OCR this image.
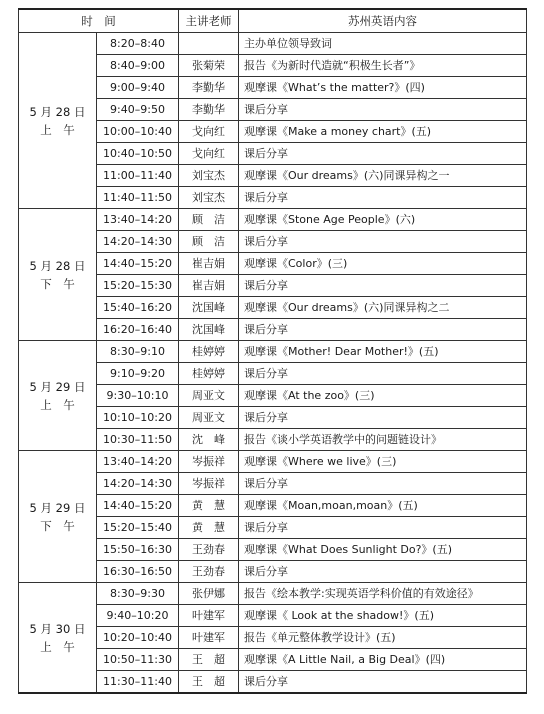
时　间		主讲老师	苏州英语内容

5 月 28 日
上　午	8:20–8:40		主办单位领导致词
	8:40–9:00	张菊荣	报告《为新时代造就“积极生长者”》
	9:00–9:40	李勤华	观摩课《What’s the matter?》(四)
	9:40–9:50	李勤华	课后分享
	10:00–10:40	戈向红	观摩课《Make a money chart》(五)
	10:40–10:50	戈向红	课后分享
	11:00–11:40	刘宝杰	观摩课《Our dreams》(六)同课异构之一
	11:40–11:50	刘宝杰	课后分享

5 月 28 日
下　午	13:40–14:20	顾　洁	观摩课《Stone Age People》(六)
	14:20–14:30	顾　洁	课后分享
	14:40–15:20	崔吉娟	观摩课《Color》(三)
	15:20–15:30	崔吉娟	课后分享
	15:40–16:20	沈国峰	观摩课《Our dreams》(六)同课异构之二
	16:20–16:40	沈国峰	课后分享

5 月 29 日
上　午	8:30–9:10	桂婷婷	观摩课《Mother! Dear Mother!》(五)
	9:10–9:20	桂婷婷	课后分享
	9:30–10:10	周亚文	观摩课《At the zoo》(三)
	10:10–10:20	周亚文	课后分享
	10:30–11:50	沈　峰	报告《谈小学英语教学中的问题链设计》

5 月 29 日
下　午	13:40–14:20	岑振祥	观摩课《Where we live》(三)
	14:20–14:30	岑振祥	课后分享
	14:40–15:20	黄　慧	观摩课《Moan,moan,moan》(五)
	15:20–15:40	黄　慧	课后分享
	15:50–16:30	王劲春	观摩课《What Does Sunlight Do?》(五)
	16:30–16:50	王劲春	课后分享

5 月 30 日
上　午	8:30–9:30	张伊娜	报告《绘本教学:实现英语学科价值的有效途径》
	9:40–10:20	叶建军	观摩课《 Look at the shadow!》(五)
	10:20–10:40	叶建军	报告《单元整体教学设计》(五)
	10:50–11:30	王　超	观摩课《A Little Nail, a Big Deal》(四)
	11:30–11:40	王　超	课后分享
